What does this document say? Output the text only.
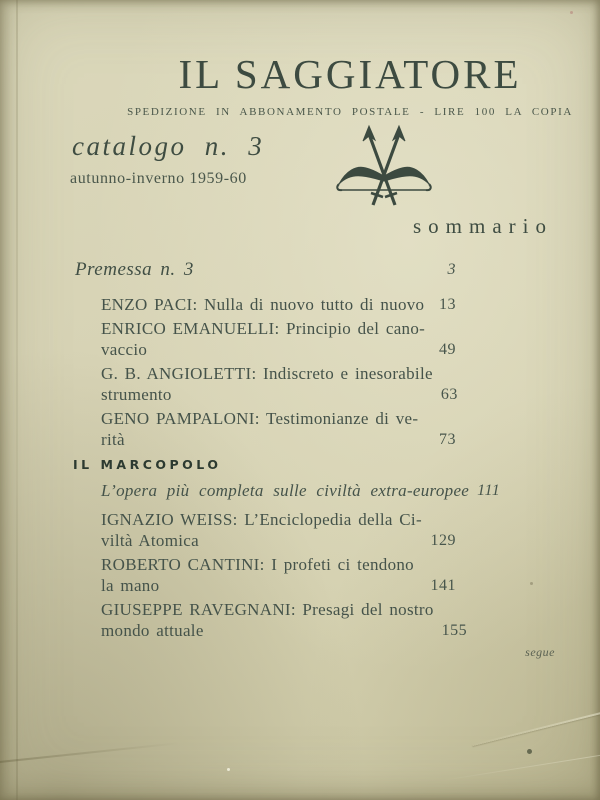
IL SAGGIATORE
SPEDIZIONE IN ABBONAMENTO POSTALE - LIRE 100 LA COPIA
catalogo n. 3
autunno-inverno 1959-60
sommario
Premessa n. 3	3
ENZO PACI: Nulla di nuovo tutto di nuovo 13
ENRICO EMANUELLI: Principio del cano-
vaccio	49
G. B. ANGIOLETTI: Indiscreto e inesorabile
strumento	63
GENO PAMPALONI: Testimonianze di ve-
rità	73
IL MARCOPOLO
L’opera più completa sulle civiltà extra-europee 111
IGNAZIO WEISS: L’Enciclopedia della Ci-
viltà Atomica	129
ROBERTO CANTINI: I profeti ci tendono
la mano	141
GIUSEPPE RAVEGNANI: Presagi del nostro
mondo attuale	155
segue
